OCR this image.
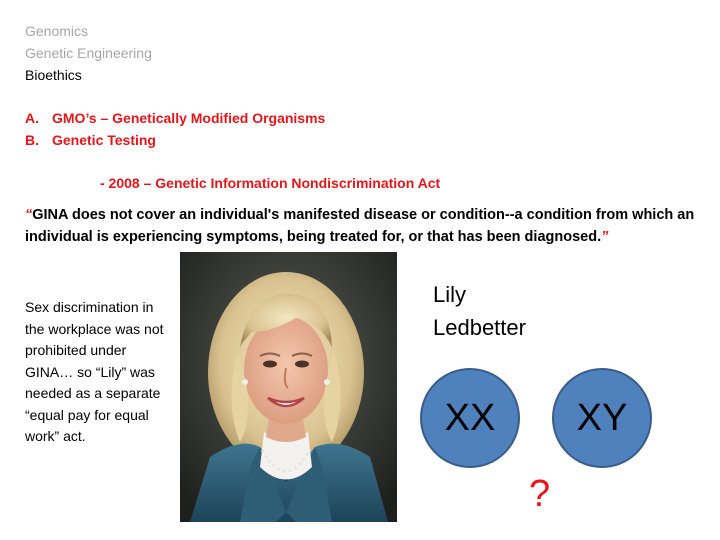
Genomics
Genetic Engineering
Bioethics
A. GMO’s – Genetically Modified Organisms
B. Genetic Testing
- 2008 – Genetic Information Nondiscrimination Act
“GINA does not cover an individual's manifested disease or condition--a condition from which an individual is experiencing symptoms, being treated for, or that has been diagnosed.”
Sex discrimination in the workplace was not prohibited under GINA… so “Lily” was needed as a separate “equal pay for equal work” act.
Lily
Ledbetter
XX XY
?
